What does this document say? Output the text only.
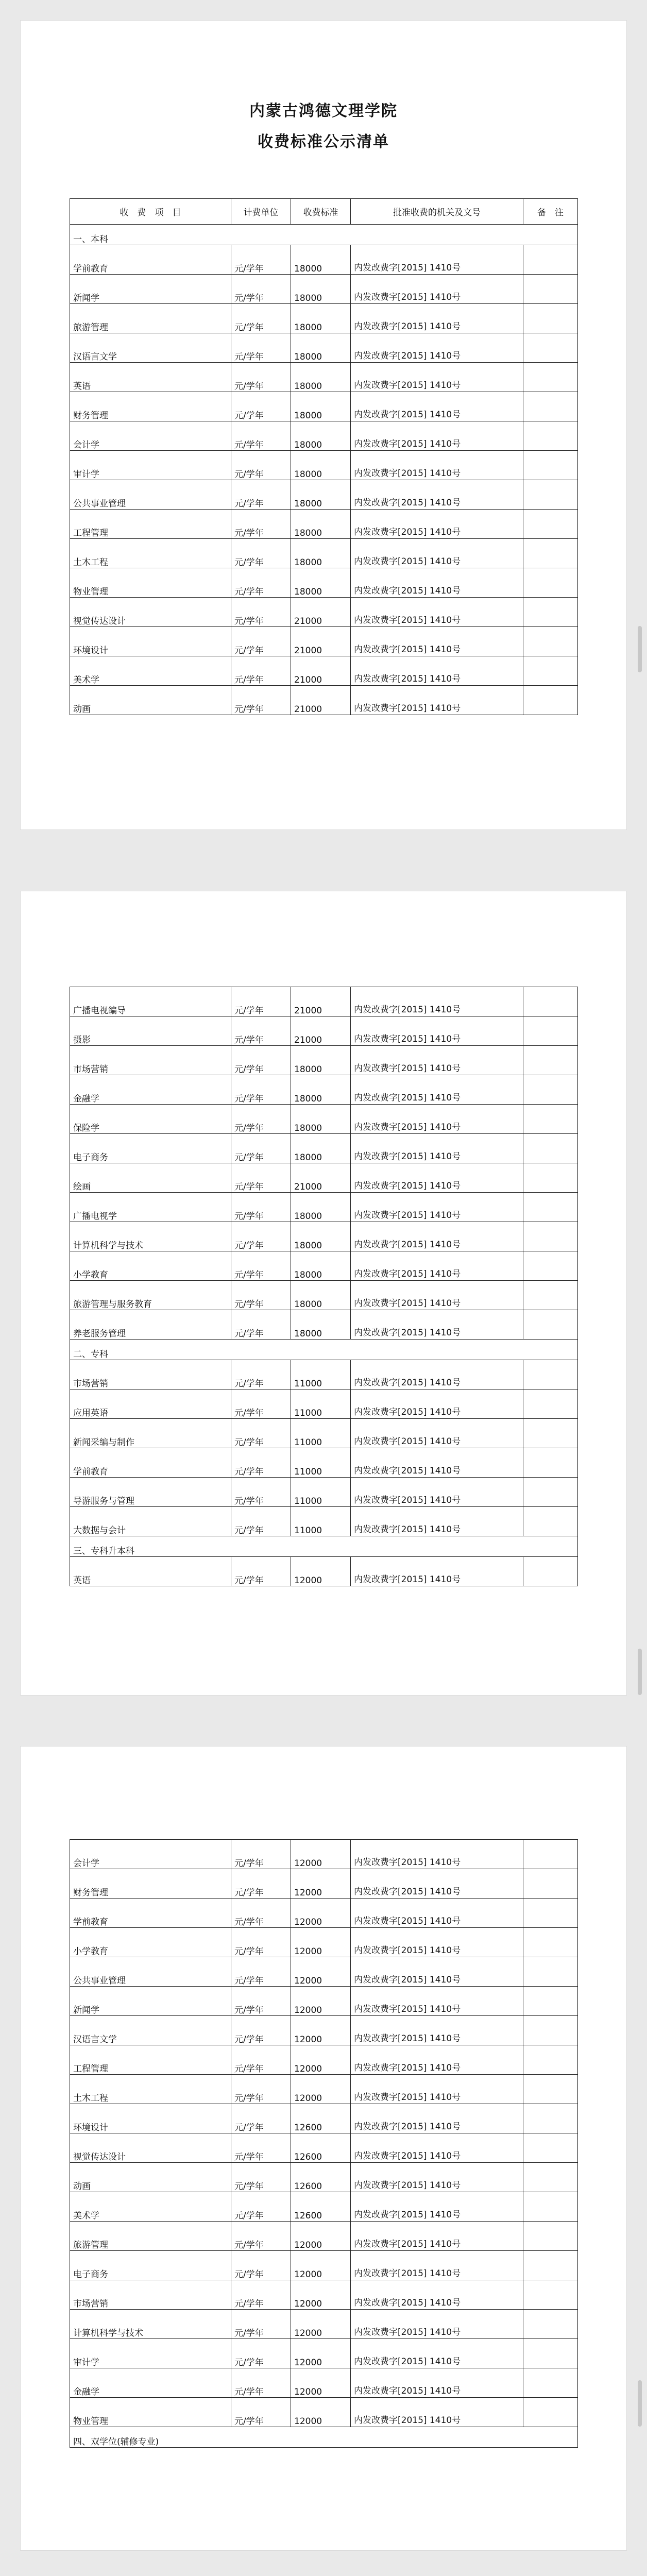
内蒙古鸿德文理学院
收费标准公示清单
收　费　项　目	计费单位	收费标准	批准收费的机关及文号	备　注
一、本科				
学前教育	元/学年	18000	内发改费字[2015] 1410号	
新闻学	元/学年	18000	内发改费字[2015] 1410号	
旅游管理	元/学年	18000	内发改费字[2015] 1410号	
汉语言文学	元/学年	18000	内发改费字[2015] 1410号	
英语	元/学年	18000	内发改费字[2015] 1410号	
财务管理	元/学年	18000	内发改费字[2015] 1410号	
会计学	元/学年	18000	内发改费字[2015] 1410号	
审计学	元/学年	18000	内发改费字[2015] 1410号	
公共事业管理	元/学年	18000	内发改费字[2015] 1410号	
工程管理	元/学年	18000	内发改费字[2015] 1410号	
土木工程	元/学年	18000	内发改费字[2015] 1410号	
物业管理	元/学年	18000	内发改费字[2015] 1410号	
视觉传达设计	元/学年	21000	内发改费字[2015] 1410号	
环境设计	元/学年	21000	内发改费字[2015] 1410号	
美术学	元/学年	21000	内发改费字[2015] 1410号	
动画	元/学年	21000	内发改费字[2015] 1410号	
广播电视编导	元/学年	21000	内发改费字[2015] 1410号	
摄影	元/学年	21000	内发改费字[2015] 1410号	
市场营销	元/学年	18000	内发改费字[2015] 1410号	
金融学	元/学年	18000	内发改费字[2015] 1410号	
保险学	元/学年	18000	内发改费字[2015] 1410号	
电子商务	元/学年	18000	内发改费字[2015] 1410号	
绘画	元/学年	21000	内发改费字[2015] 1410号	
广播电视学	元/学年	18000	内发改费字[2015] 1410号	
计算机科学与技术	元/学年	18000	内发改费字[2015] 1410号	
小学教育	元/学年	18000	内发改费字[2015] 1410号	
旅游管理与服务教育	元/学年	18000	内发改费字[2015] 1410号	
养老服务管理	元/学年	18000	内发改费字[2015] 1410号	
二、专科				
市场营销	元/学年	11000	内发改费字[2015] 1410号	
应用英语	元/学年	11000	内发改费字[2015] 1410号	
新闻采编与制作	元/学年	11000	内发改费字[2015] 1410号	
学前教育	元/学年	11000	内发改费字[2015] 1410号	
导游服务与管理	元/学年	11000	内发改费字[2015] 1410号	
大数据与会计	元/学年	11000	内发改费字[2015] 1410号	
三、专科升本科				
英语	元/学年	12000	内发改费字[2015] 1410号	
会计学	元/学年	12000	内发改费字[2015] 1410号	
财务管理	元/学年	12000	内发改费字[2015] 1410号	
学前教育	元/学年	12000	内发改费字[2015] 1410号	
小学教育	元/学年	12000	内发改费字[2015] 1410号	
公共事业管理	元/学年	12000	内发改费字[2015] 1410号	
新闻学	元/学年	12000	内发改费字[2015] 1410号	
汉语言文学	元/学年	12000	内发改费字[2015] 1410号	
工程管理	元/学年	12000	内发改费字[2015] 1410号	
土木工程	元/学年	12000	内发改费字[2015] 1410号	
环境设计	元/学年	12600	内发改费字[2015] 1410号	
视觉传达设计	元/学年	12600	内发改费字[2015] 1410号	
动画	元/学年	12600	内发改费字[2015] 1410号	
美术学	元/学年	12600	内发改费字[2015] 1410号	
旅游管理	元/学年	12000	内发改费字[2015] 1410号	
电子商务	元/学年	12000	内发改费字[2015] 1410号	
市场营销	元/学年	12000	内发改费字[2015] 1410号	
计算机科学与技术	元/学年	12000	内发改费字[2015] 1410号	
审计学	元/学年	12000	内发改费字[2015] 1410号	
金融学	元/学年	12000	内发改费字[2015] 1410号	
物业管理	元/学年	12000	内发改费字[2015] 1410号	
四、双学位(辅修专业)				
